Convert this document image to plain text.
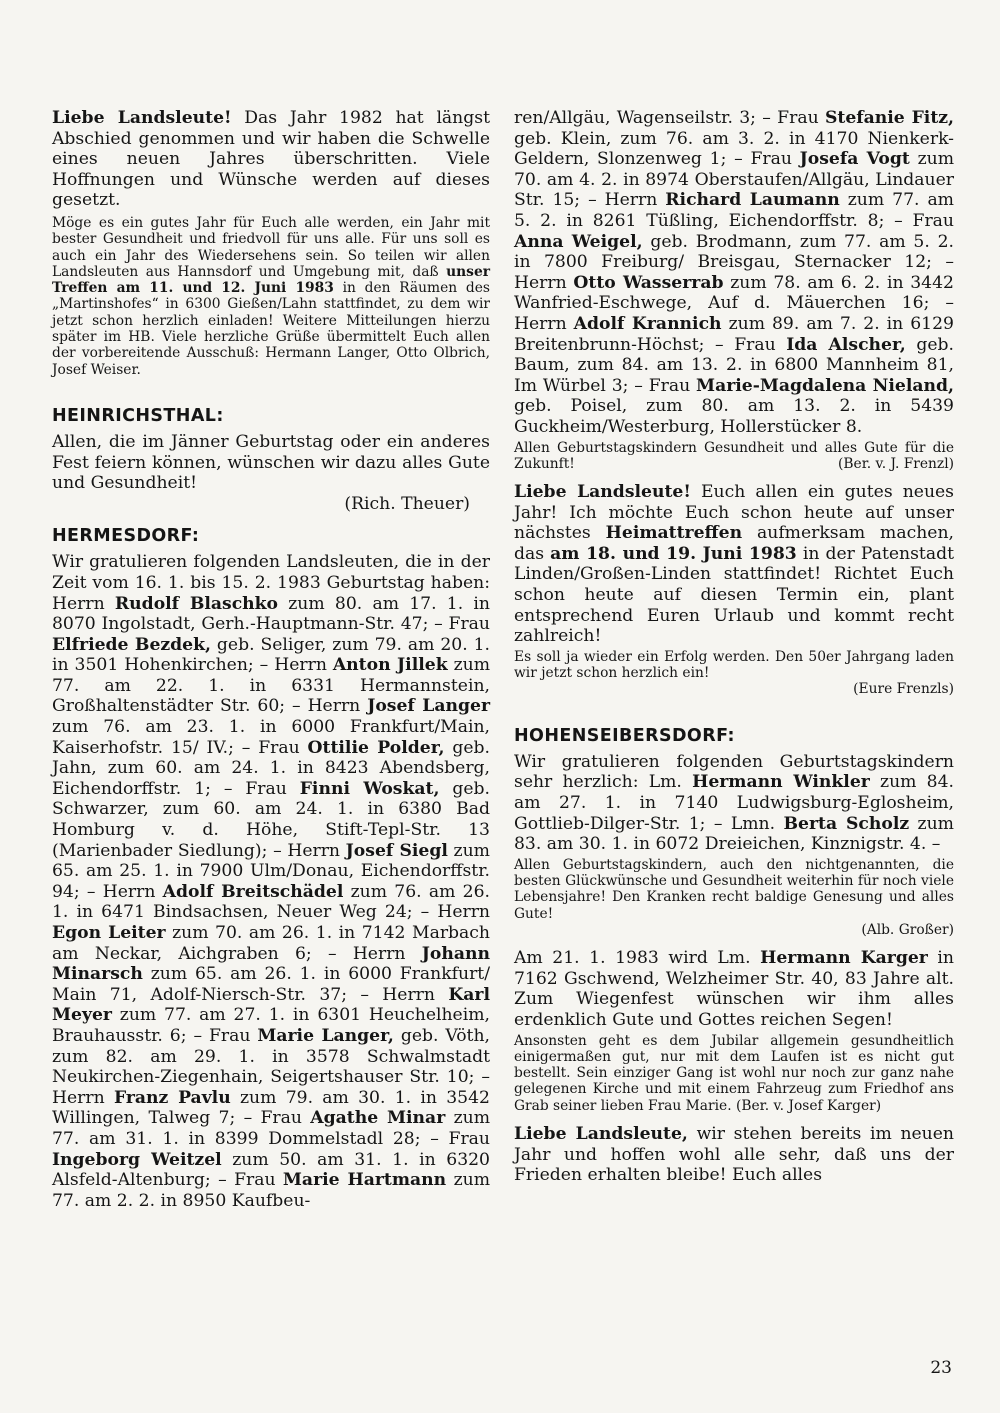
Liebe Landsleute! Das Jahr 1982 hat längst Abschied genommen und wir haben die Schwelle eines neuen Jahres überschritten. Viele Hoffnungen und Wünsche werden auf dieses gesetzt.

Möge es ein gutes Jahr für Euch alle werden, ein Jahr mit bester Gesundheit und friedvoll für uns alle. Für uns soll es auch ein Jahr des Wiedersehens sein. So teilen wir allen Landsleuten aus Hannsdorf und Umgebung mit, daß unser Treffen am 11. und 12. Juni 1983 in den Räumen des „Martinshofes“ in 6300 Gießen/Lahn stattfindet, zu dem wir jetzt schon herzlich einladen! Weitere Mitteilungen hierzu später im HB. Viele herzliche Grüße übermittelt Euch allen der vorbereitende Ausschuß: Hermann Langer, Otto Olbrich, Josef Weiser.

HEINRICHSTHAL:

Allen, die im Jänner Geburtstag oder ein anderes Fest feiern können, wünschen wir dazu alles Gute und Gesundheit!

(Rich. Theuer)
HERMESDORF:

Wir gratulieren folgenden Landsleuten, die in der Zeit vom 16. 1. bis 15. 2. 1983 Geburtstag haben: Herrn Rudolf Blaschko zum 80. am 17. 1. in 8070 Ingolstadt, Gerh.-Hauptmann-Str. 47; – Frau Elfriede Bezdek, geb. Seliger, zum 79. am 20. 1. in 3501 Hohenkirchen; – Herrn Anton Jillek zum 77. am 22. 1. in 6331 Hermannstein, Großhaltenstädter Str. 60; – Herrn Josef Langer zum 76. am 23. 1. in 6000 Frankfurt/Main, Kaiserhofstr. 15/ IV.; – Frau Ottilie Polder, geb. Jahn, zum 60. am 24. 1. in 8423 Abendsberg, Eichendorffstr. 1; – Frau Finni Woskat, geb. Schwarzer, zum 60. am 24. 1. in 6380 Bad Homburg v. d. Höhe, Stift-Tepl-Str. 13 (Marienbader Siedlung); – Herrn Josef Siegl zum 65. am 25. 1. in 7900 Ulm/Donau, Eichendorffstr. 94; – Herrn Adolf Breitschädel zum 76. am 26. 1. in 6471 Bindsachsen, Neuer Weg 24; – Herrn Egon Leiter zum 70. am 26. 1. in 7142 Marbach am Neckar, Aichgraben 6; – Herrn Johann Minarsch zum 65. am 26. 1. in 6000 Frankfurt/ Main 71, Adolf-Niersch-Str. 37; – Herrn Karl Meyer zum 77. am 27. 1. in 6301 Heuchelheim, Brauhausstr. 6; – Frau Marie Langer, geb. Vöth, zum 82. am 29. 1. in 3578 Schwalmstadt Neukirchen-Ziegenhain, Seigertshauser Str. 10; – Herrn Franz Pavlu zum 79. am 30. 1. in 3542 Willingen, Talweg 7; – Frau Agathe Minar zum 77. am 31. 1. in 8399 Dommelstadl 28; – Frau Ingeborg Weitzel zum 50. am 31. 1. in 6320 Alsfeld-Altenburg; – Frau Marie Hartmann zum 77. am 2. 2. in 8950 Kaufbeu-

ren/Allgäu, Wagenseilstr. 3; – Frau Stefanie Fitz, geb. Klein, zum 76. am 3. 2. in 4170 Nienkerk-Geldern, Slonzenweg 1; – Frau Josefa Vogt zum 70. am 4. 2. in 8974 Oberstaufen/Allgäu, Lindauer Str. 15; – Herrn Richard Laumann zum 77. am 5. 2. in 8261 Tüßling, Eichendorffstr. 8; – Frau Anna Weigel, geb. Brodmann, zum 77. am 5. 2. in 7800 Freiburg/ Breisgau, Sternacker 12; – Herrn Otto Wasserrab zum 78. am 6. 2. in 3442 Wanfried-Eschwege, Auf d. Mäuerchen 16; – Herrn Adolf Krannich zum 89. am 7. 2. in 6129 Breitenbrunn-Höchst; – Frau Ida Alscher, geb. Baum, zum 84. am 13. 2. in 6800 Mannheim 81, Im Würbel 3; – Frau Marie-Magdalena Nieland, geb. Poisel, zum 80. am 13. 2. in 5439 Guckheim/Westerburg, Hollerstücker 8.

Allen Geburtstagskindern Gesundheit und alles Gute für die Zukunft!	(Ber. v. J. Frenzl)

Liebe Landsleute! Euch allen ein gutes neues Jahr! Ich möchte Euch schon heute auf unser nächstes Heimattreffen aufmerksam machen, das am 18. und 19. Juni 1983 in der Patenstadt Linden/Großen-Linden stattfindet! Richtet Euch schon heute auf diesen Termin ein, plant entsprechend Euren Urlaub und kommt recht zahlreich!

Es soll ja wieder ein Erfolg werden. Den 50er Jahrgang laden wir jetzt schon herzlich ein!

(Eure Frenzls)
HOHENSEIBERSDORF:

Wir gratulieren folgenden Geburtstagskindern sehr herzlich: Lm. Hermann Winkler zum 84. am 27. 1. in 7140 Ludwigsburg-Eglosheim, Gottlieb-Dilger-Str. 1; – Lmn. Berta Scholz zum 83. am 30. 1. in 6072 Dreieichen, Kinznigstr. 4. –

Allen Geburtstagskindern, auch den nichtgenannten, die besten Glückwünsche und Gesundheit weiterhin für noch viele Lebensjahre! Den Kranken recht baldige Genesung und alles Gute!

(Alb. Großer)

Am 21. 1. 1983 wird Lm. Hermann Karger in 7162 Gschwend, Welzheimer Str. 40, 83 Jahre alt. Zum Wiegenfest wünschen wir ihm alles erdenklich Gute und Gottes reichen Segen!

Ansonsten geht es dem Jubilar allgemein gesundheitlich einigermaßen gut, nur mit dem Laufen ist es nicht gut bestellt. Sein einziger Gang ist wohl nur noch zur ganz nahe gelegenen Kirche und mit einem Fahrzeug zum Friedhof ans Grab seiner lieben Frau Marie. (Ber. v. Josef Karger)

Liebe Landsleute, wir stehen bereits im neuen Jahr und hoffen wohl alle sehr, daß uns der Frieden erhalten bleibe! Euch alles

23
